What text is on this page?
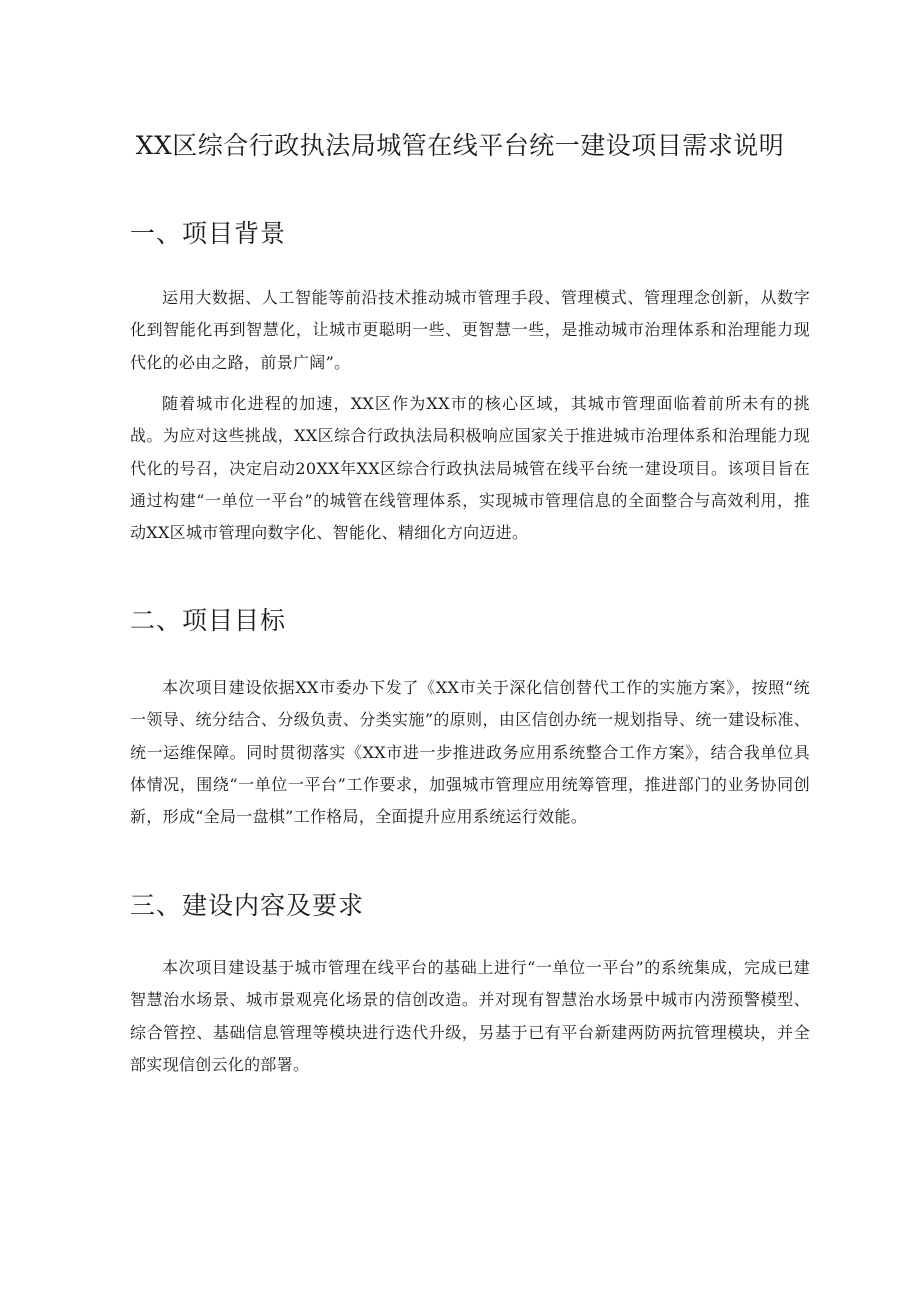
XX区综合行政执法局城管在线平台统一建设项目需求说明
一、项目背景

运用大数据、人工智能等前沿技术推动城市管理手段、管理模式、管理理念创新，从数字化到智能化再到智慧化，让城市更聪明一些、更智慧一些，是推动城市治理体系和治理能力现代化的必由之路，前景广阔”。

随着城市化进程的加速，XX区作为XX市的核心区域，其城市管理面临着前所未有的挑战。为应对这些挑战，XX区综合行政执法局积极响应国家关于推进城市治理体系和治理能力现代化的号召，决定启动20XX年XX区综合行政执法局城管在线平台统一建设项目。该项目旨在通过构建“一单位一平台”的城管在线管理体系，实现城市管理信息的全面整合与高效利用，推动XX区城市管理向数字化、智能化、精细化方向迈进。

二、项目目标

本次项目建设依据XX市委办下发了《XX市关于深化信创替代工作的实施方案》，按照“统一领导、统分结合、分级负责、分类实施”的原则，由区信创办统一规划指导、统一建设标准、统一运维保障。同时贯彻落实《XX市进一步推进政务应用系统整合工作方案》，结合我单位具体情况，围绕“一单位一平台”工作要求，加强城市管理应用统筹管理，推进部门的业务协同创新，形成“全局一盘棋”工作格局，全面提升应用系统运行效能。

三、建设内容及要求

本次项目建设基于城市管理在线平台的基础上进行“一单位一平台”的系统集成，完成已建智慧治水场景、城市景观亮化场景的信创改造。并对现有智慧治水场景中城市内涝预警模型、综合管控、基础信息管理等模块进行迭代升级，另基于已有平台新建两防两抗管理模块，并全部实现信创云化的部署。
